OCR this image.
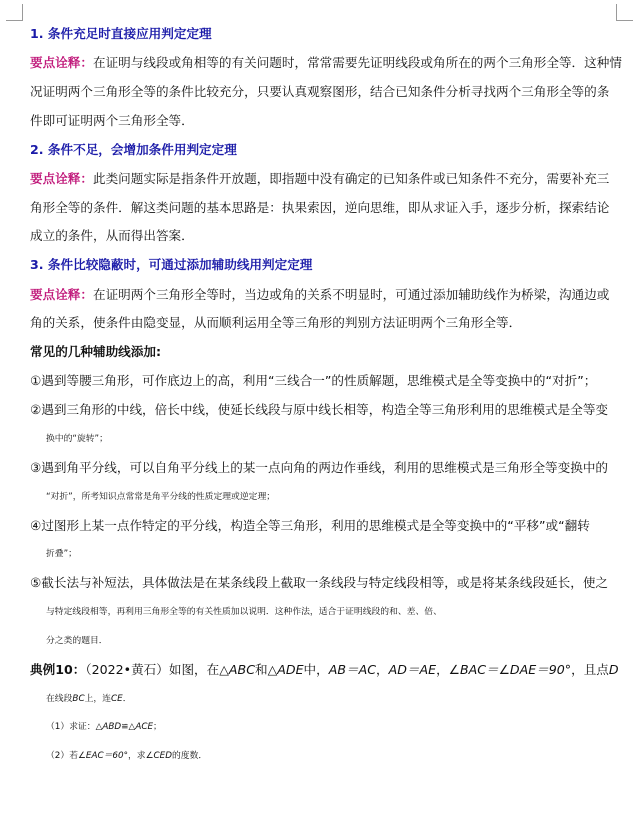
1. 条件充足时直接应用判定定理
要点诠释：在证明与线段或角相等的有关问题时，常常需要先证明线段或角所在的两个三角形全等．这种情
况证明两个三角形全等的条件比较充分，只要认真观察图形，结合已知条件分析寻找两个三角形全等的条
件即可证明两个三角形全等．
2. 条件不足，会增加条件用判定定理
要点诠释：此类问题实际是指条件开放题，即指题中没有确定的已知条件或已知条件不充分，需要补充三
角形全等的条件．解这类问题的基本思路是：执果索因，逆向思维，即从求证入手，逐步分析，探索结论
成立的条件，从而得出答案．
3. 条件比较隐蔽时，可通过添加辅助线用判定定理
要点诠释：在证明两个三角形全等时，当边或角的关系不明显时，可通过添加辅助线作为桥梁，沟通边或
角的关系，使条件由隐变显，从而顺利运用全等三角形的判别方法证明两个三角形全等．
常见的几种辅助线添加:
①遇到等腰三角形，可作底边上的高，利用“三线合一”的性质解题，思维模式是全等变换中的“对折”；
②遇到三角形的中线，倍长中线，使延长线段与原中线长相等，构造全等三角形利用的思维模式是全等变
换中的“旋转”；
③遇到角平分线，可以自角平分线上的某一点向角的两边作垂线，利用的思维模式是三角形全等变换中的
“对折”，所考知识点常常是角平分线的性质定理或逆定理；
④过图形上某一点作特定的平分线，构造全等三角形，利用的思维模式是全等变换中的“平移”或“翻转
折叠”；
⑤截长法与补短法，具体做法是在某条线段上截取一条线段与特定线段相等，或是将某条线段延长，使之
与特定线段相等，再利用三角形全等的有关性质加以说明．这种作法，适合于证明线段的和、差、倍、
分之类的题目．
典例10：（2022•黄石）如图，在△ABC和△ADE中，AB＝AC，AD＝AE，∠BAC＝∠DAE＝90°，且点D
在线段BC上，连CE．
（1）求证：△ABD≌△ACE；
（2）若∠EAC＝60°，求∠CED的度数．
